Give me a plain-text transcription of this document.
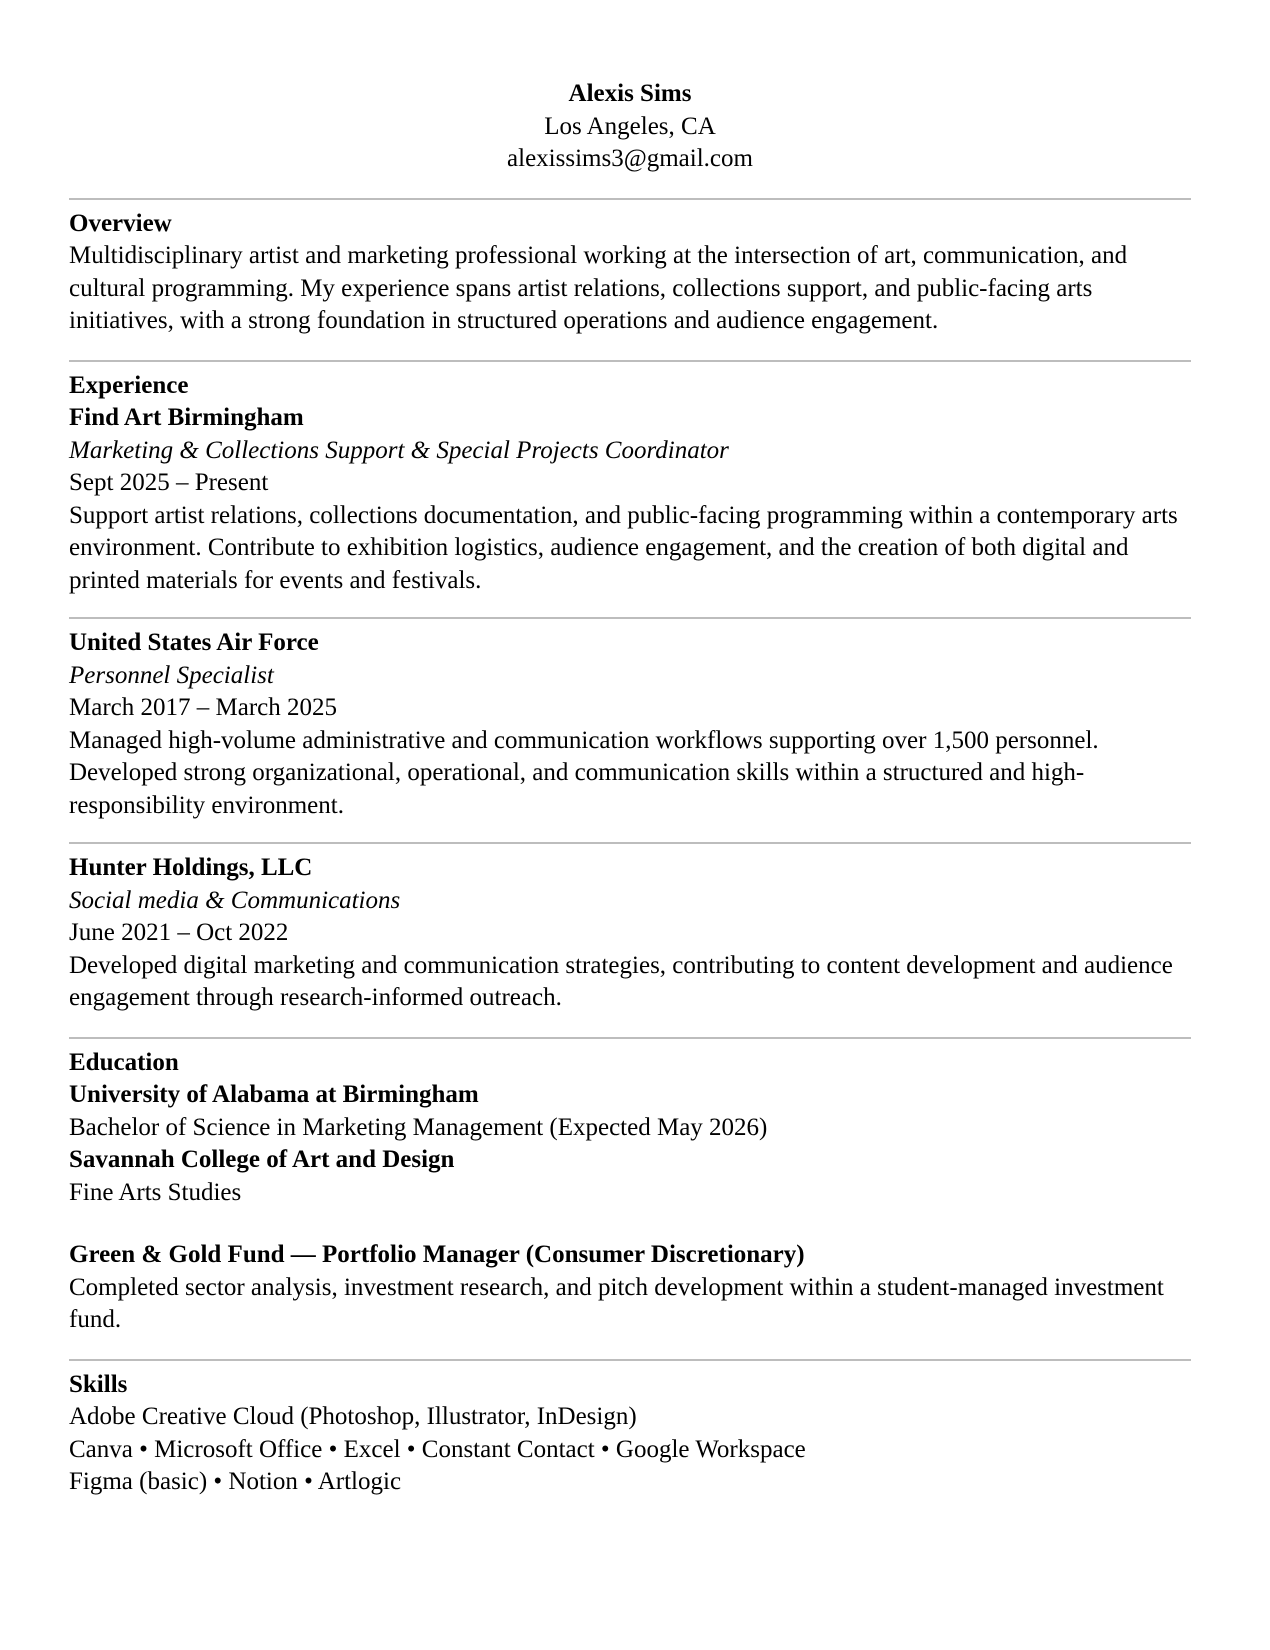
Alexis Sims
Los Angeles, CA
alexissims3@gmail.com
Overview

Multidisciplinary artist and marketing professional working at the intersection of art, communication, and cultural programming. My experience spans artist relations, collections support, and public-facing arts initiatives, with a strong foundation in structured operations and audience engagement.

Experience
Find Art Birmingham
Marketing & Collections Support & Special Projects Coordinator
Sept 2025 – Present

Support artist relations, collections documentation, and public-facing programming within a contemporary arts environment. Contribute to exhibition logistics, audience engagement, and the creation of both digital and printed materials for events and festivals.

United States Air Force
Personnel Specialist
March 2017 – March 2025

Managed high-volume administrative and communication workflows supporting over 1,500 personnel. Developed strong organizational, operational, and communication skills within a structured and high-responsibility environment.

Hunter Holdings, LLC
Social media & Communications
June 2021 – Oct 2022

Developed digital marketing and communication strategies, contributing to content development and audience engagement through research-informed outreach.

Education
University of Alabama at Birmingham
Bachelor of Science in Marketing Management (Expected May 2026)
Savannah College of Art and Design
Fine Arts Studies
Green & Gold Fund — Portfolio Manager (Consumer Discretionary)

Completed sector analysis, investment research, and pitch development within a student-managed investment fund.

Skills
Adobe Creative Cloud (Photoshop, Illustrator, InDesign)
Canva • Microsoft Office • Excel • Constant Contact • Google Workspace
Figma (basic) • Notion • Artlogic
